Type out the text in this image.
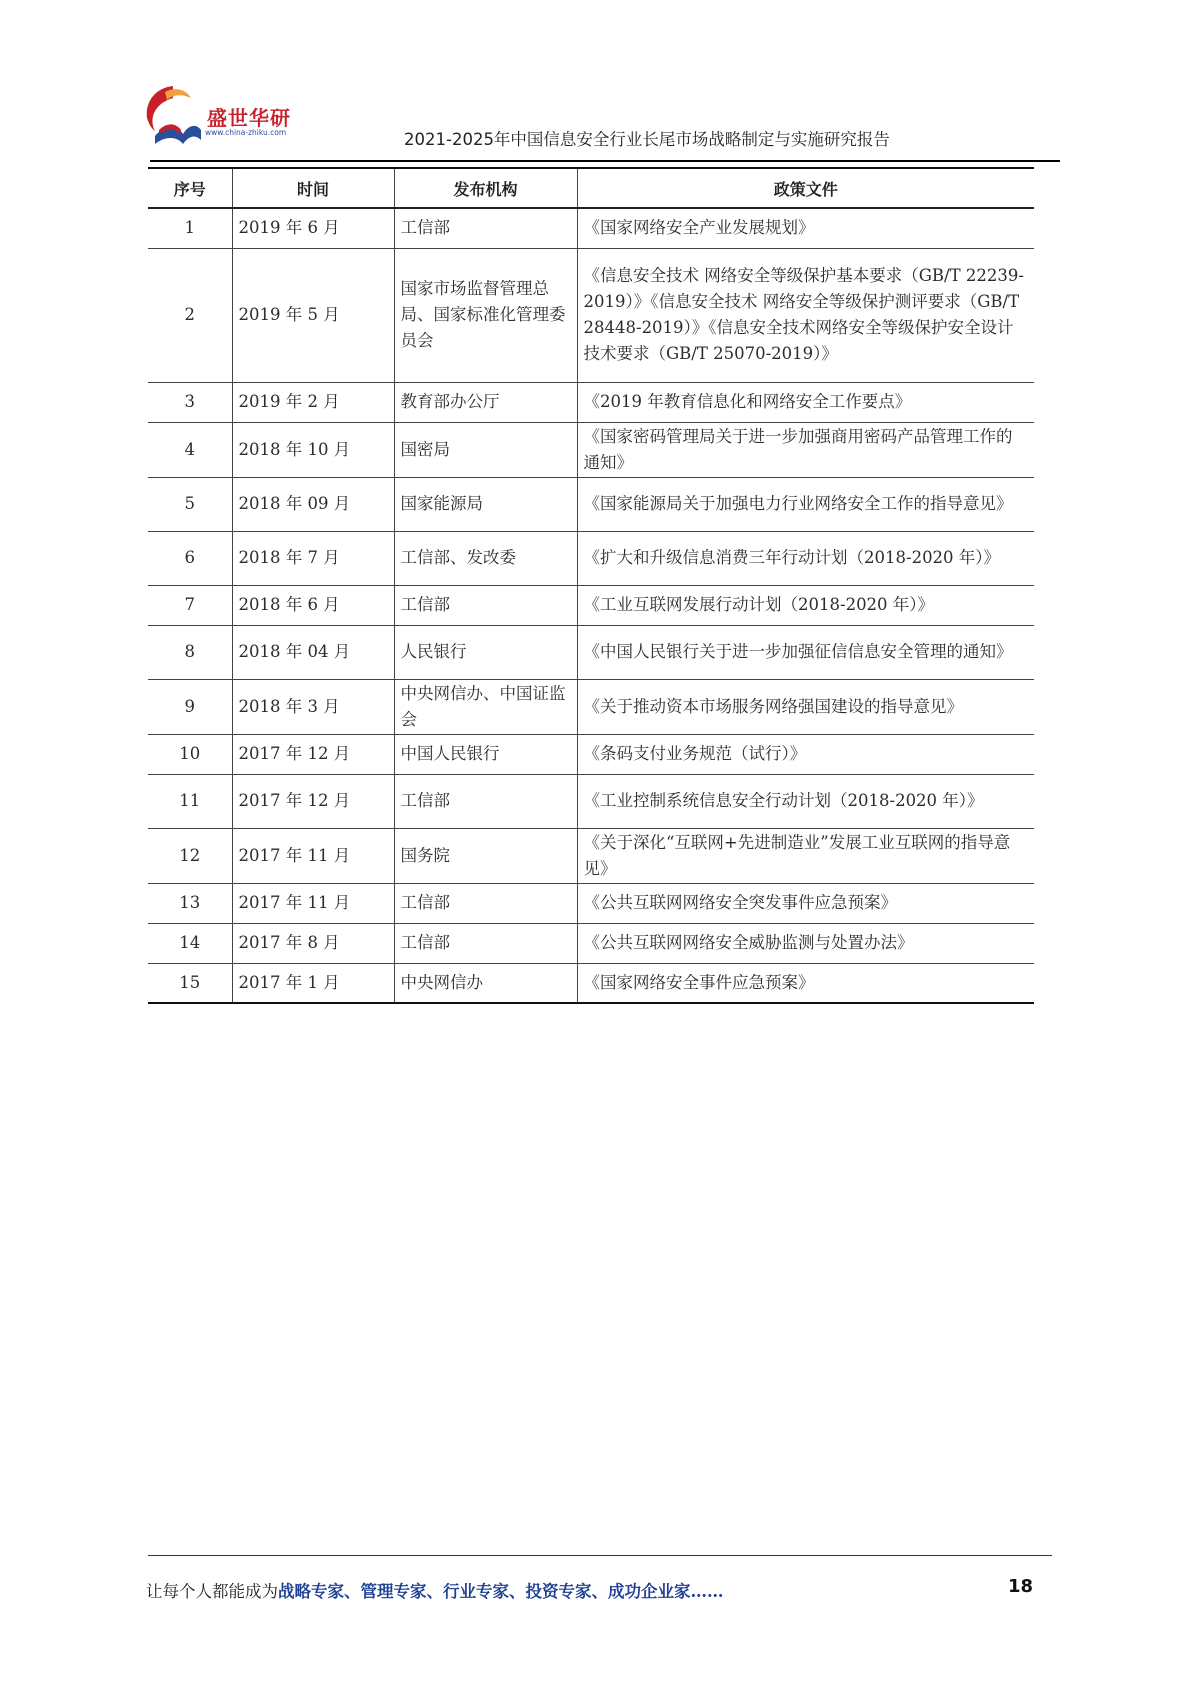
盛世华研
www.china-zhiku.com	2021-2025年中国信息安全行业长尾市场战略制定与实施研究报告
序号	时间	发布机构	政策文件
1	2019 年 6 月	工信部	《国家网络安全产业发展规划》
2	2019 年 5 月	国家市场监督管理总局、国家标准化管理委员会	《信息安全技术 网络安全等级保护基本要求（GB/T 22239-2019）》《信息安全技术 网络安全等级保护测评要求（GB/T 28448-2019）》《信息安全技术网络安全等级保护安全设计技术要求（GB/T 25070-2019）》
3	2019 年 2 月	教育部办公厅	《2019 年教育信息化和网络安全工作要点》
4	2018 年 10 月	国密局	《国家密码管理局关于进一步加强商用密码产品管理工作的通知》
5	2018 年 09 月	国家能源局	《国家能源局关于加强电力行业网络安全工作的指导意见》
6	2018 年 7 月	工信部、发改委	《扩大和升级信息消费三年行动计划（2018-2020 年）》
7	2018 年 6 月	工信部	《工业互联网发展行动计划（2018-2020 年）》
8	2018 年 04 月	人民银行	《中国人民银行关于进一步加强征信信息安全管理的通知》
9	2018 年 3 月	中央网信办、中国证监会	《关于推动资本市场服务网络强国建设的指导意见》
10	2017 年 12 月	中国人民银行	《条码支付业务规范（试行）》
11	2017 年 12 月	工信部	《工业控制系统信息安全行动计划（2018-2020 年）》
12	2017 年 11 月	国务院	《关于深化“互联网+先进制造业”发展工业互联网的指导意见》
13	2017 年 11 月	工信部	《公共互联网网络安全突发事件应急预案》
14	2017 年 8 月	工信部	《公共互联网网络安全威胁监测与处置办法》
15	2017 年 1 月	中央网信办	《国家网络安全事件应急预案》
让每个人都能成为战略专家、管理专家、行业专家、投资专家、成功企业家……	18
